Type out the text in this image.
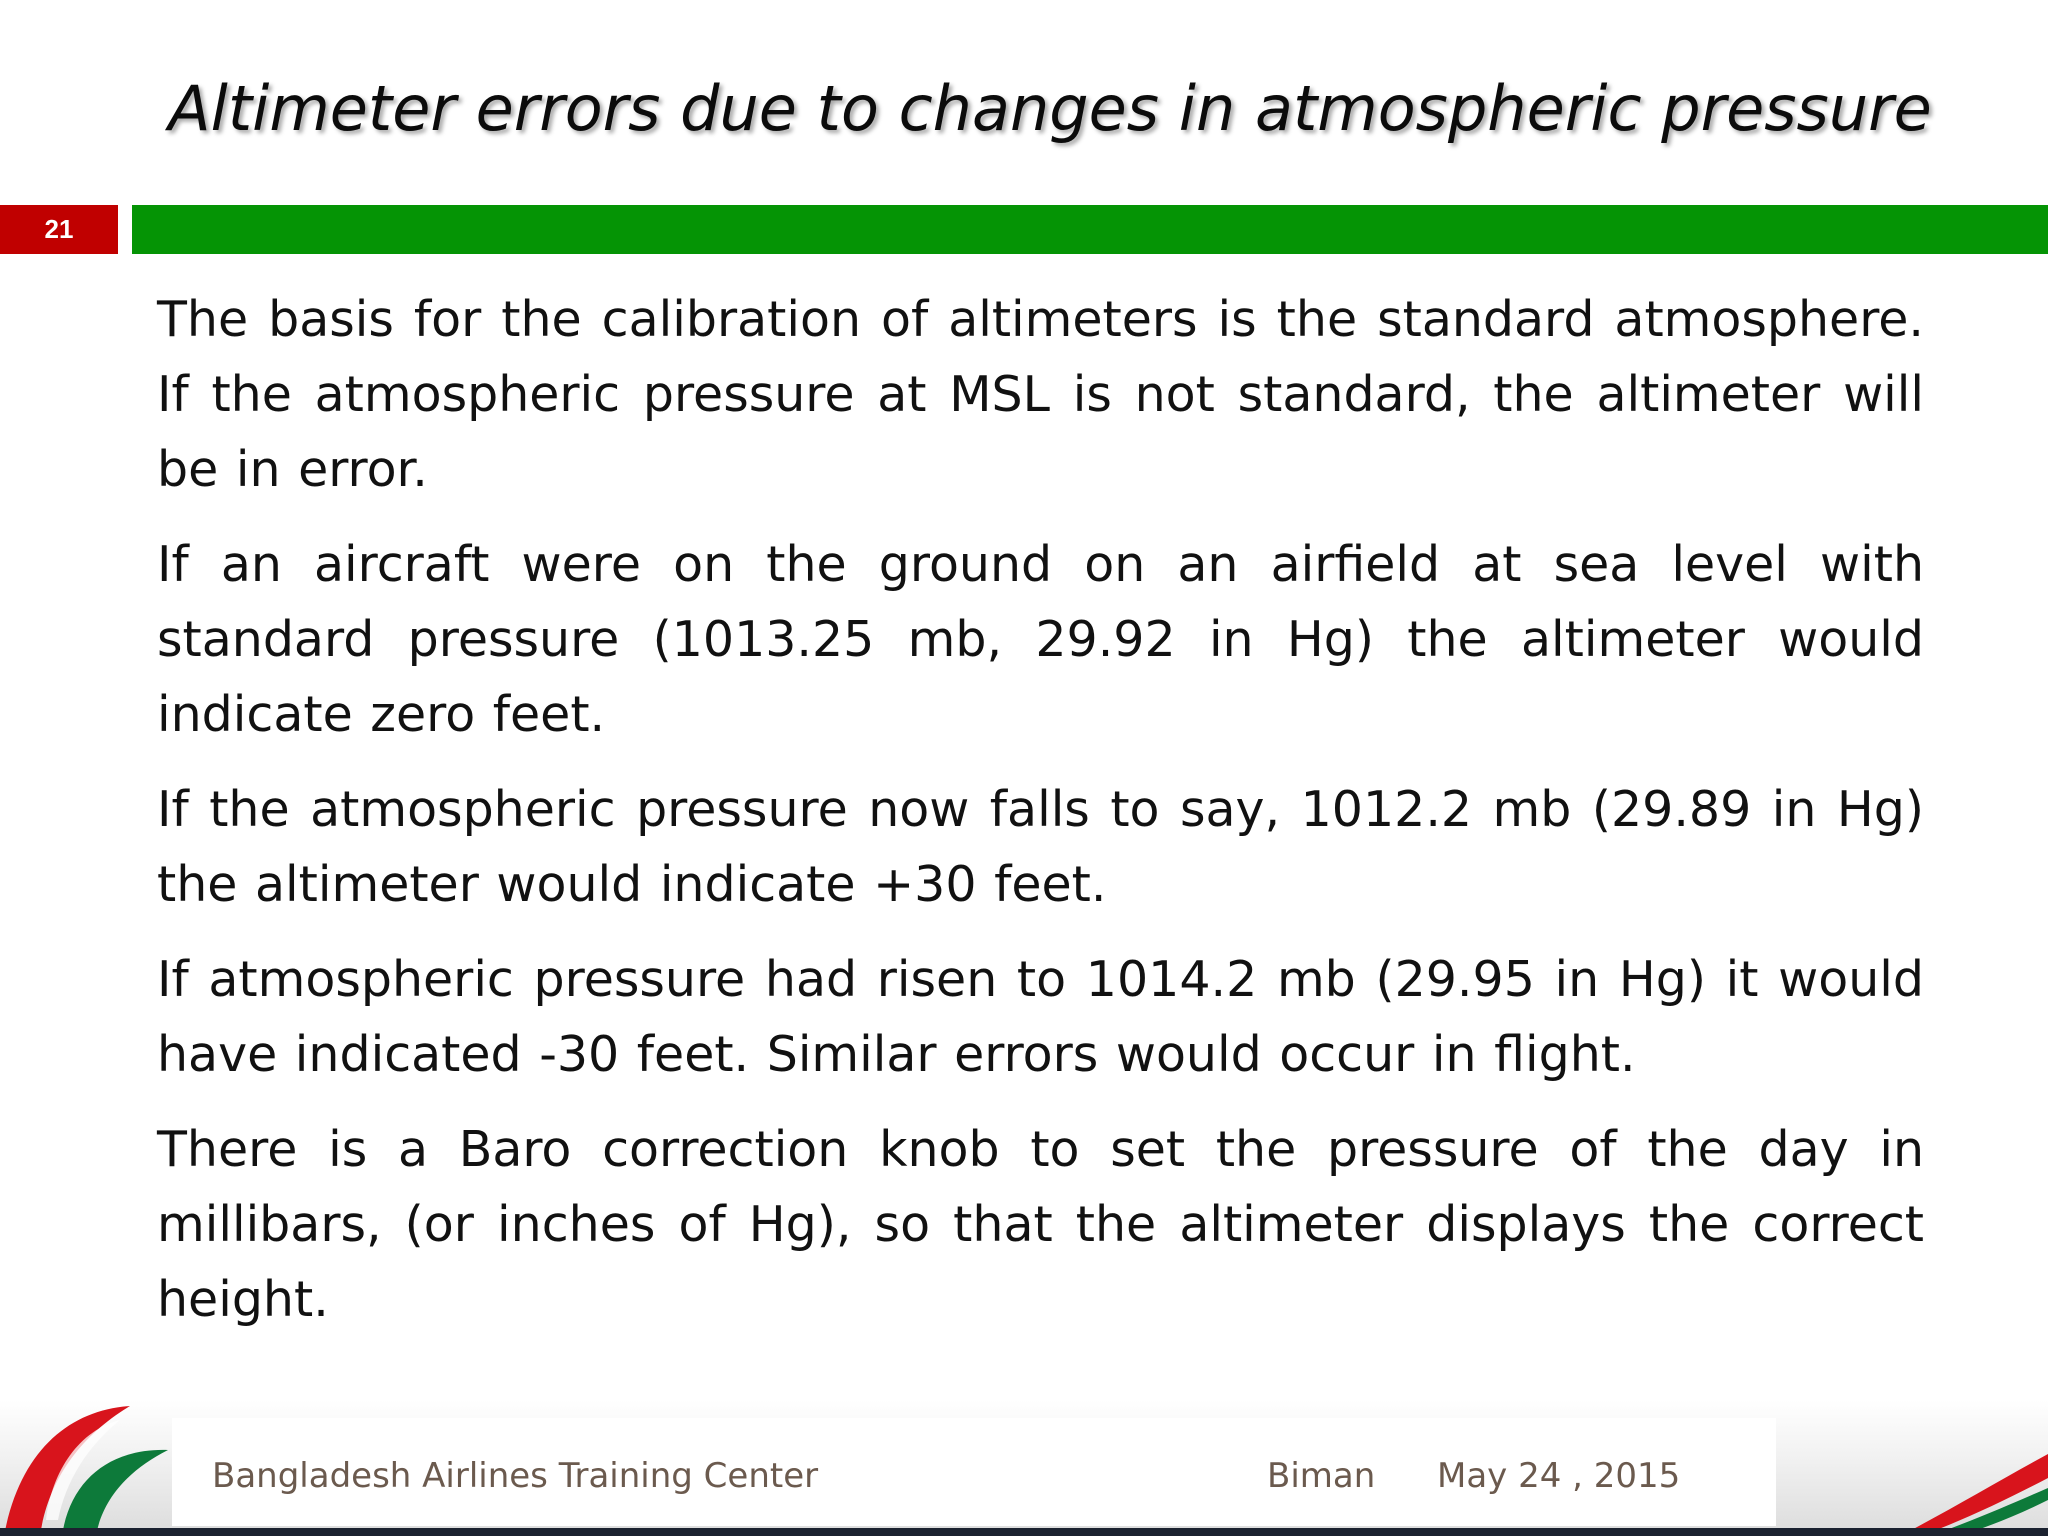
Altimeter errors due to changes in atmospheric pressure
21

The basis for the calibration of altimeters is the standard atmosphere. If the atmospheric pressure at MSL is not standard, the altimeter will be in error.

If an aircraft were on the ground on an airfield at sea level with standard pressure (1013.25 mb, 29.92 in Hg) the altimeter would indicate zero feet.

If the atmospheric pressure now falls to say, 1012.2 mb (29.89 in Hg) the altimeter would indicate +30 feet.

If atmospheric pressure had risen to 1014.2 mb (29.95 in Hg) it would have indicated -30 feet. Similar errors would occur in flight.

There is a Baro correction knob to set the pressure of the day in millibars, (or inches of Hg), so that the altimeter displays the correct height.

Bangladesh Airlines Training Center	Biman May 24 , 2015
